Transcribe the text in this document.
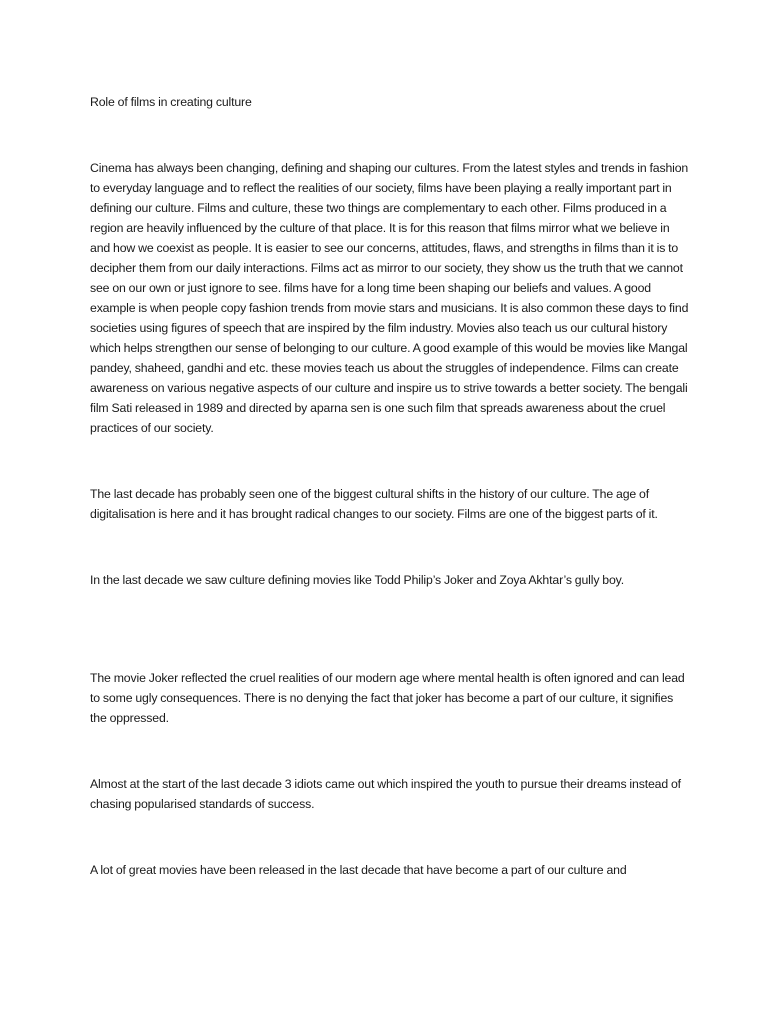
Role of films in creating culture

Cinema has always been changing, defining and shaping our cultures. From the latest styles and trends in fashion to everyday language and to reflect the realities of our society, films have been playing a really important part in defining our culture. Films and culture, these two things are complementary to each other. Films produced in a region are heavily influenced by the culture of that place. It is for this reason that films mirror what we believe in and how we coexist as people. It is easier to see our concerns, attitudes, flaws, and strengths in films than it is to decipher them from our daily interactions. Films act as mirror to our society, they show us the truth that we cannot see on our own or just ignore to see. films have for a long time been shaping our beliefs and values. A good example is when people copy fashion trends from movie stars and musicians. It is also common these days to find societies using figures of speech that are inspired by the film industry. Movies also teach us our cultural history which helps strengthen our sense of belonging to our culture. A good example of this would be movies like Mangal pandey, shaheed, gandhi and etc. these movies teach us about the struggles of independence. Films can create awareness on various negative aspects of our culture and inspire us to strive towards a better society. The bengali film Sati released in 1989 and directed by aparna sen is one such film that spreads awareness about the cruel practices of our society.

The last decade has probably seen one of the biggest cultural shifts in the history of our culture. The age of digitalisation is here and it has brought radical changes to our society. Films are one of the biggest parts of it.

In the last decade we saw culture defining movies like Todd Philip’s Joker and Zoya Akhtar’s gully boy.

The movie Joker reflected the cruel realities of our modern age where mental health is often ignored and can lead to some ugly consequences. There is no denying the fact that joker has become a part of our culture, it signifies the oppressed.

Almost at the start of the last decade 3 idiots came out which inspired the youth to pursue their dreams instead of chasing popularised standards of success.

A lot of great movies have been released in the last decade that have become a part of our culture and
